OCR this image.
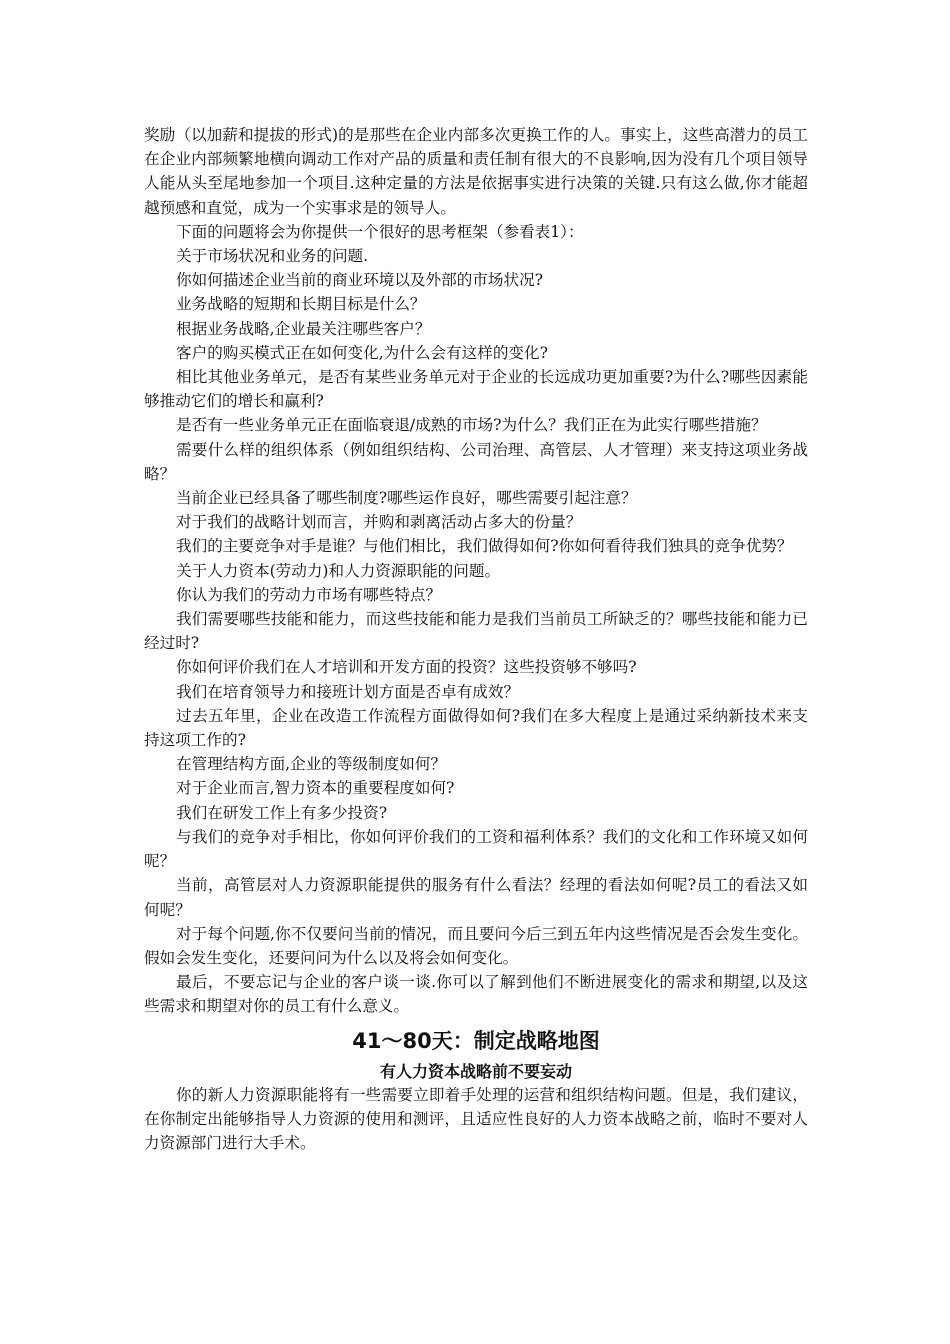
奖励（以加薪和提拔的形式)的是那些在企业内部多次更换工作的人。事实上，这些高潜力的员工在企业内部频繁地横向调动工作对产品的质量和责任制有很大的不良影响,因为没有几个项目领导人能从头至尾地参加一个项目.这种定量的方法是依据事实进行决策的关键.只有这么做,你才能超越预感和直觉，成为一个实事求是的领导人。

下面的问题将会为你提供一个很好的思考框架（参看表1）：

关于市场状况和业务的问题.

你如何描述企业当前的商业环境以及外部的市场状况?

业务战略的短期和长期目标是什么？

根据业务战略,企业最关注哪些客户？

客户的购买模式正在如何变化,为什么会有这样的变化?

相比其他业务单元，是否有某些业务单元对于企业的长远成功更加重要?为什么?哪些因素能够推动它们的增长和赢利?

是否有一些业务单元正在面临衰退/成熟的市场?为什么？我们正在为此实行哪些措施？

需要什么样的组织体系（例如组织结构、公司治理、高管层、人才管理）来支持这项业务战略？

当前企业已经具备了哪些制度?哪些运作良好，哪些需要引起注意？

对于我们的战略计划而言，并购和剥离活动占多大的份量？

我们的主要竞争对手是谁？与他们相比，我们做得如何?你如何看待我们独具的竞争优势？

关于人力资本(劳动力)和人力资源职能的问题。

你认为我们的劳动力市场有哪些特点？

我们需要哪些技能和能力，而这些技能和能力是我们当前员工所缺乏的？哪些技能和能力已经过时?

你如何评价我们在人才培训和开发方面的投资？这些投资够不够吗?

我们在培育领导力和接班计划方面是否卓有成效？

过去五年里，企业在改造工作流程方面做得如何?我们在多大程度上是通过采纳新技术来支持这项工作的?

在管理结构方面,企业的等级制度如何？

对于企业而言,智力资本的重要程度如何?

我们在研发工作上有多少投资?

与我们的竞争对手相比，你如何评价我们的工资和福利体系？我们的文化和工作环境又如何呢？

当前，高管层对人力资源职能提供的服务有什么看法？经理的看法如何呢?员工的看法又如何呢？

对于每个问题,你不仅要问当前的情况，而且要问今后三到五年内这些情况是否会发生变化。假如会发生变化，还要问问为什么以及将会如何变化。

最后，不要忘记与企业的客户谈一谈.你可以了解到他们不断进展变化的需求和期望,以及这些需求和期望对你的员工有什么意义。

41～80天：制定战略地图
有人力资本战略前不要妄动

你的新人力资源职能将有一些需要立即着手处理的运营和组织结构问题。但是，我们建议，在你制定出能够指导人力资源的使用和测评，且适应性良好的人力资本战略之前，临时不要对人力资源部门进行大手术。
